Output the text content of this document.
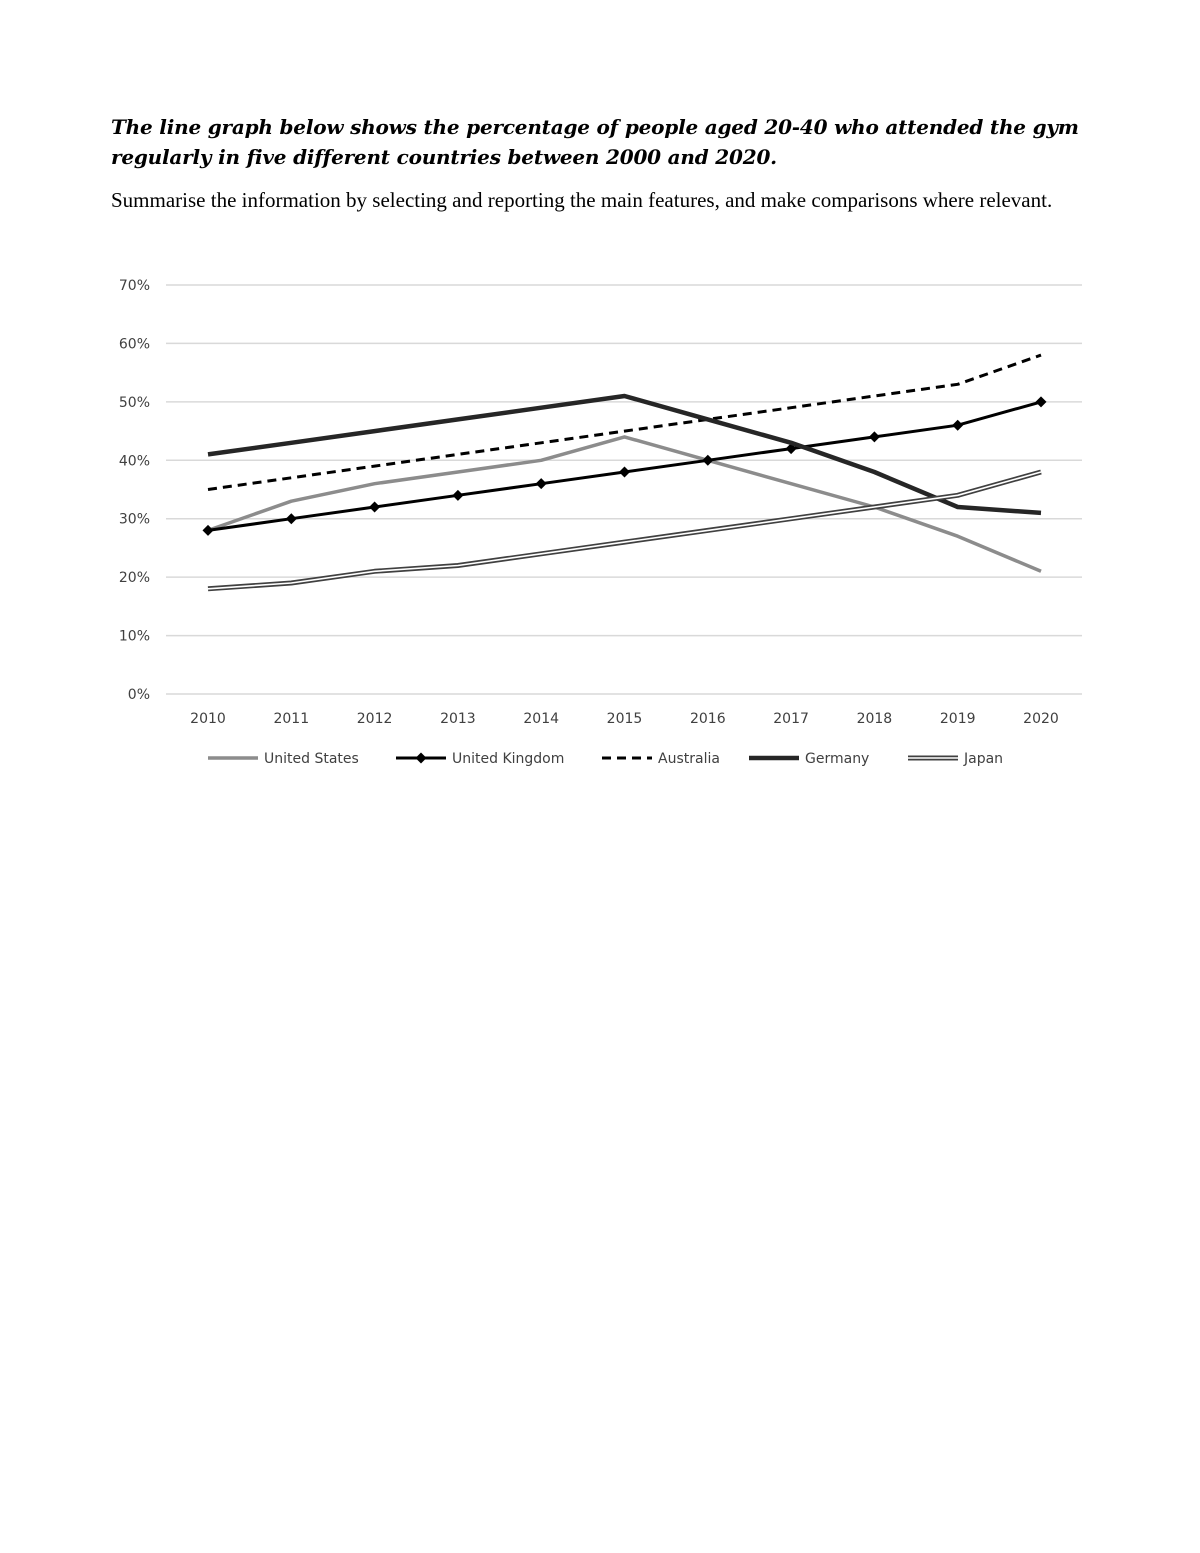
The line graph below shows the percentage of people aged 20-40 who attended the gym regularly in five different countries between 2000 and 2020.
Summarise the information by selecting and reporting the main features, and make comparisons where relevant.
0%
10%
20%
30%
40%
50%
60%
70%
2010	2011	2012	2013	2014	2015	2016	2017	2018	2019	2020
United States	United Kingdom	Australia	Germany	Japan
